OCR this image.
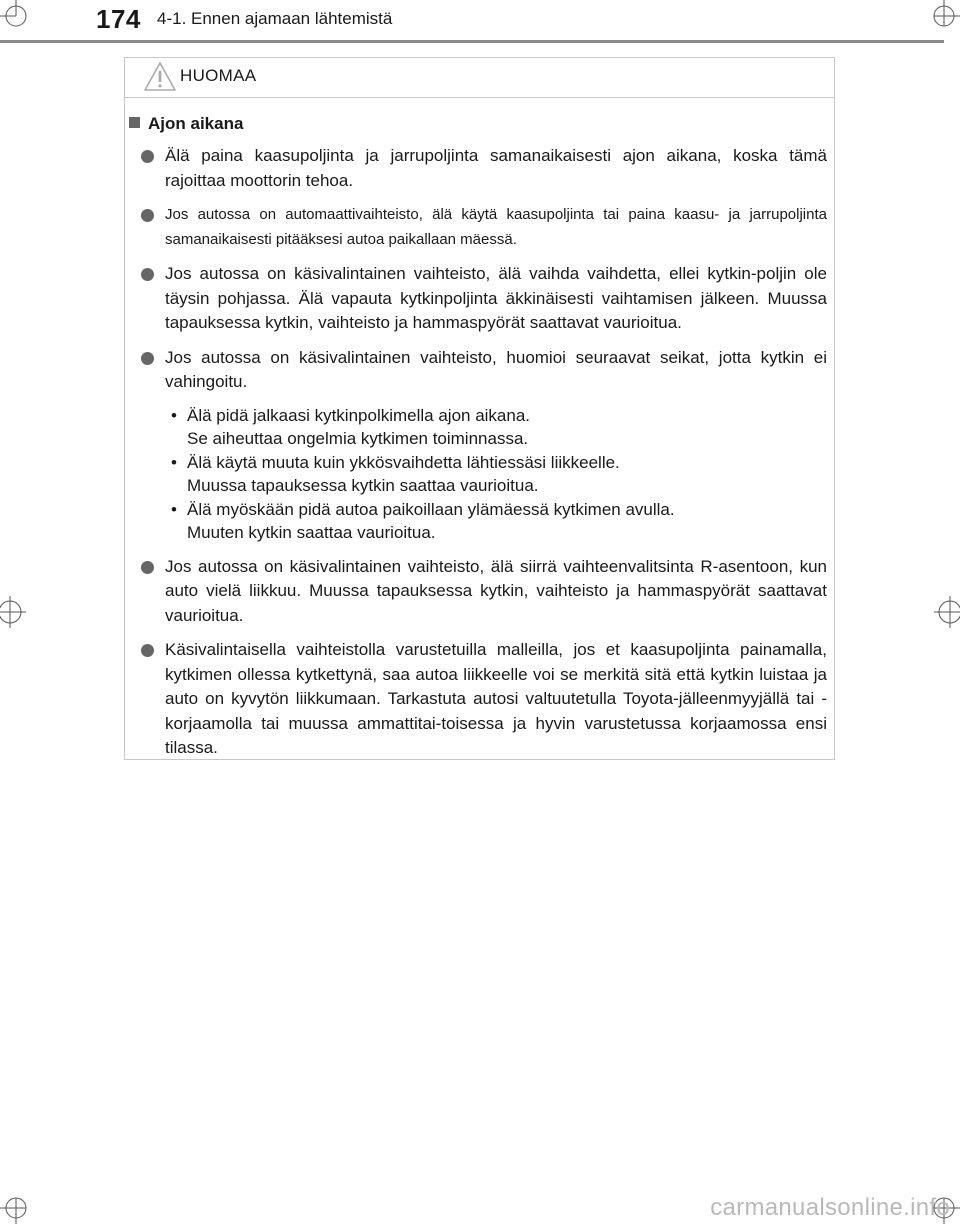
174 4-1. Ennen ajamaan lähtemistä
HUOMAA
Ajon aikana
Älä paina kaasupoljinta ja jarrupoljinta samanaikaisesti ajon aikana, koska tämä rajoittaa moottorin tehoa.
Jos autossa on automaattivaihteisto, älä käytä kaasupoljinta tai paina kaasu- ja jarrupoljinta samanaikaisesti pitääksesi autoa paikallaan mäessä.
Jos autossa on käsivalintainen vaihteisto, älä vaihda vaihdetta, ellei kytkin-poljin ole täysin pohjassa. Älä vapauta kytkinpoljinta äkkinäisesti vaihtamisen jälkeen. Muussa tapauksessa kytkin, vaihteisto ja hammaspyörät saattavat vaurioitua.
Jos autossa on käsivalintainen vaihteisto, huomioi seuraavat seikat, jotta kytkin ei vahingoitu.
• Älä pidä jalkaasi kytkinpolkimella ajon aikana.
Se aiheuttaa ongelmia kytkimen toiminnassa.
• Älä käytä muuta kuin ykkösvaihdetta lähtiessäsi liikkeelle.
Muussa tapauksessa kytkin saattaa vaurioitua.
• Älä myöskään pidä autoa paikoillaan ylämäessä kytkimen avulla.
Muuten kytkin saattaa vaurioitua.
Jos autossa on käsivalintainen vaihteisto, älä siirrä vaihteenvalitsinta R-asentoon, kun auto vielä liikkuu. Muussa tapauksessa kytkin, vaihteisto ja hammaspyörät saattavat vaurioitua.
Käsivalintaisella vaihteistolla varustetuilla malleilla, jos et kaasupoljinta painamalla, kytkimen ollessa kytkettynä, saa autoa liikkeelle voi se merkitä sitä että kytkin luistaa ja auto on kyvytön liikkumaan. Tarkastuta autosi valtuutetulla Toyota-jälleenmyyjällä tai -korjaamolla tai muussa ammattitai-toisessa ja hyvin varustetussa korjaamossa ensi tilassa.
carmanualsonline.info
